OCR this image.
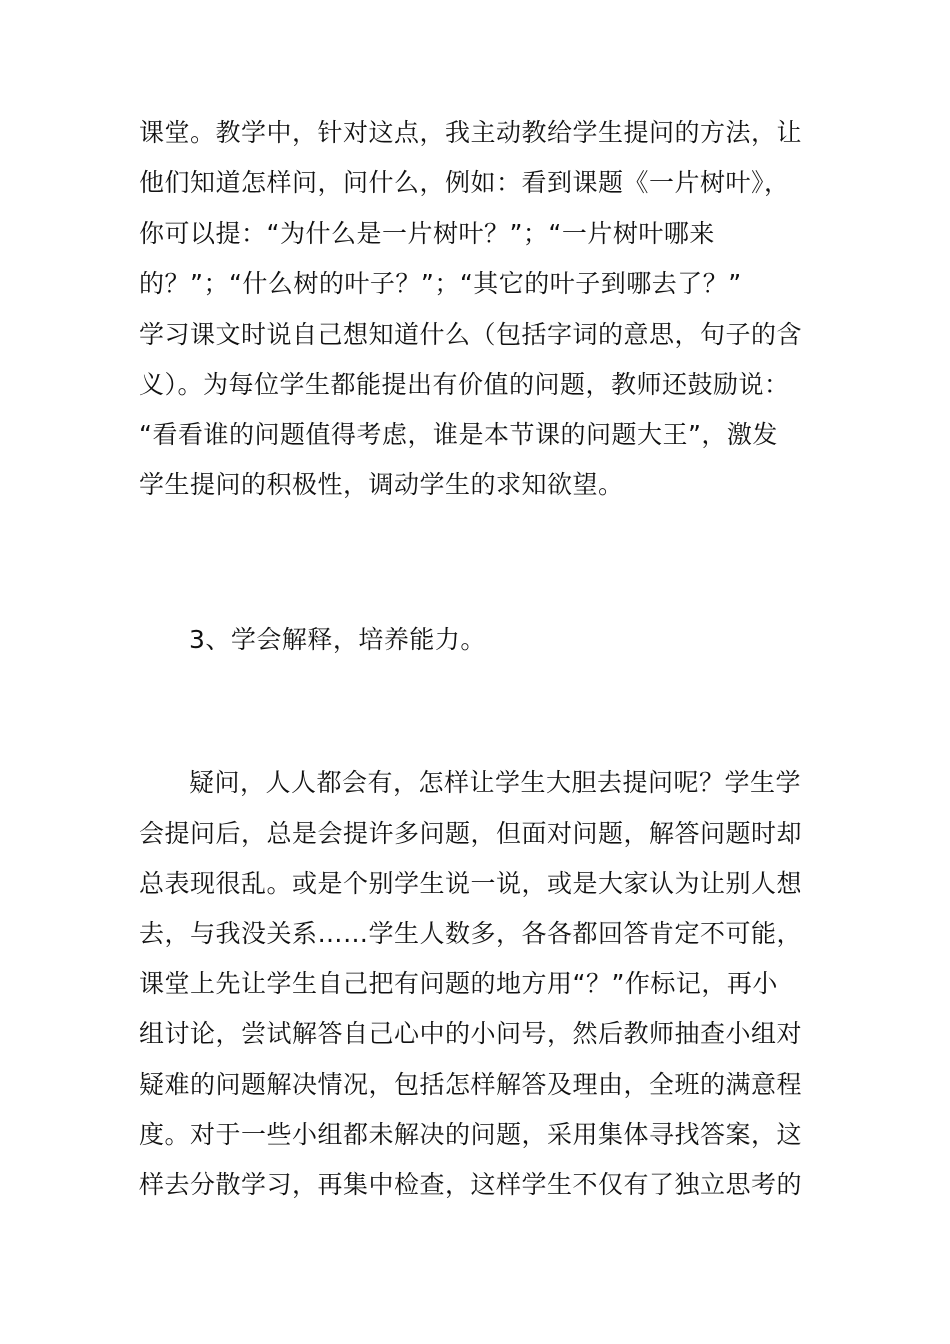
课堂。教学中，针对这点，我主动教给学生提问的方法，让
他们知道怎样问，问什么，例如：看到课题《一片树叶》，
你可以提：“为什么是一片树叶？”；“一片树叶哪来
的？”；“什么树的叶子？”；“其它的叶子到哪去了？”
学习课文时说自己想知道什么（包括字词的意思，句子的含
义）。为每位学生都能提出有价值的问题，教师还鼓励说：
“看看谁的问题值得考虑，谁是本节课的问题大王”，激发
学生提问的积极性，调动学生的求知欲望。
3、学会解释，培养能力。
疑问，人人都会有，怎样让学生大胆去提问呢？学生学
会提问后，总是会提许多问题，但面对问题，解答问题时却
总表现很乱。或是个别学生说一说，或是大家认为让别人想
去，与我没关系……学生人数多，各各都回答肯定不可能，
课堂上先让学生自己把有问题的地方用“？”作标记，再小
组讨论，尝试解答自己心中的小问号，然后教师抽查小组对
疑难的问题解决情况，包括怎样解答及理由，全班的满意程
度。对于一些小组都未解决的问题，采用集体寻找答案，这
样去分散学习，再集中检查，这样学生不仅有了独立思考的
